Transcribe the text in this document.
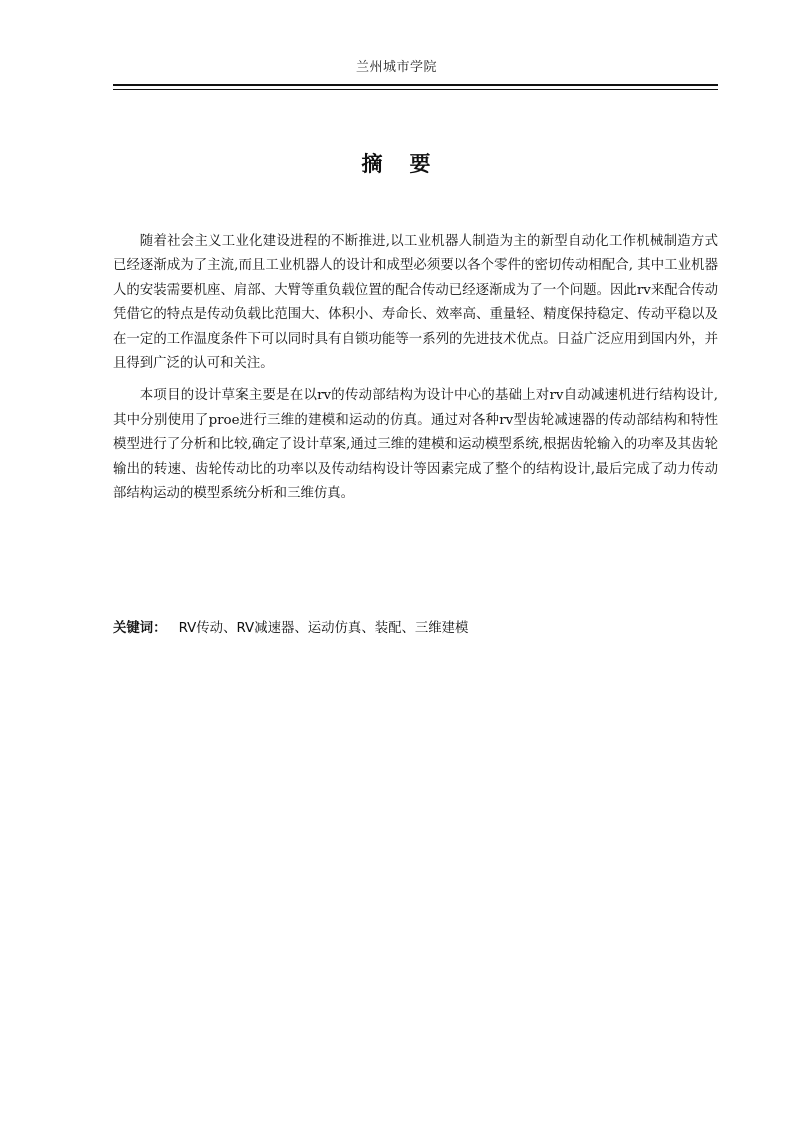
兰州城市学院
摘 要

随着社会主义工业化建设进程的不断推进,以工业机器人制造为主的新型自动化工作机械制造方式已经逐渐成为了主流,而且工业机器人的设计和成型必须要以各个零件的密切传动相配合, 其中工业机器人的安装需要机座、肩部、大臂等重负载位置的配合传动已经逐渐成为了一个问题。因此rv来配合传动凭借它的特点是传动负载比范围大、体积小、寿命长、效率高、重量轻、精度保持稳定、传动平稳以及在一定的工作温度条件下可以同时具有自锁功能等一系列的先进技术优点。日益广泛应用到国内外，并且得到广泛的认可和关注。

本项目的设计草案主要是在以rv的传动部结构为设计中心的基础上对rv自动减速机进行结构设计,其中分别使用了proe进行三维的建模和运动的仿真。通过对各种rv型齿轮减速器的传动部结构和特性模型进行了分析和比较,确定了设计草案,通过三维的建模和运动模型系统,根据齿轮输入的功率及其齿轮输出的转速、齿轮传动比的功率以及传动结构设计等因素完成了整个的结构设计,最后完成了动力传动部结构运动的模型系统分析和三维仿真。

关键词： RV传动、RV减速器、运动仿真、装配、三维建模
